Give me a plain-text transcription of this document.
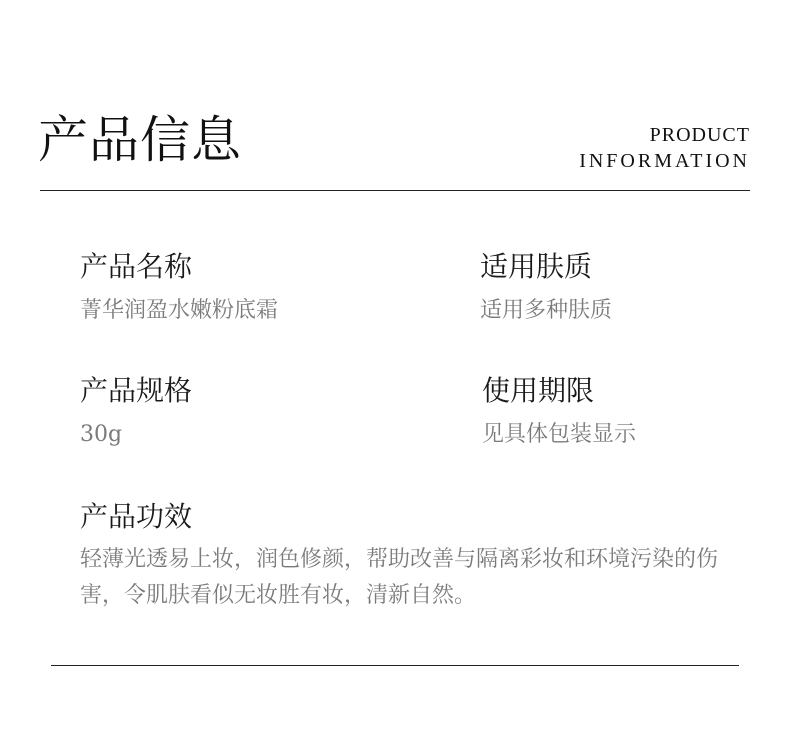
产品信息	PRODUCT
INFORMATION
产品名称
菁华润盈水嫩粉底霜
适用肤质
适用多种肤质
产品规格
30g
使用期限
见具体包装显示
产品功效
轻薄光透易上妆，润色修颜，帮助改善与隔离彩妆和环境污染的伤害，令肌肤看似无妆胜有妆，清新自然。
